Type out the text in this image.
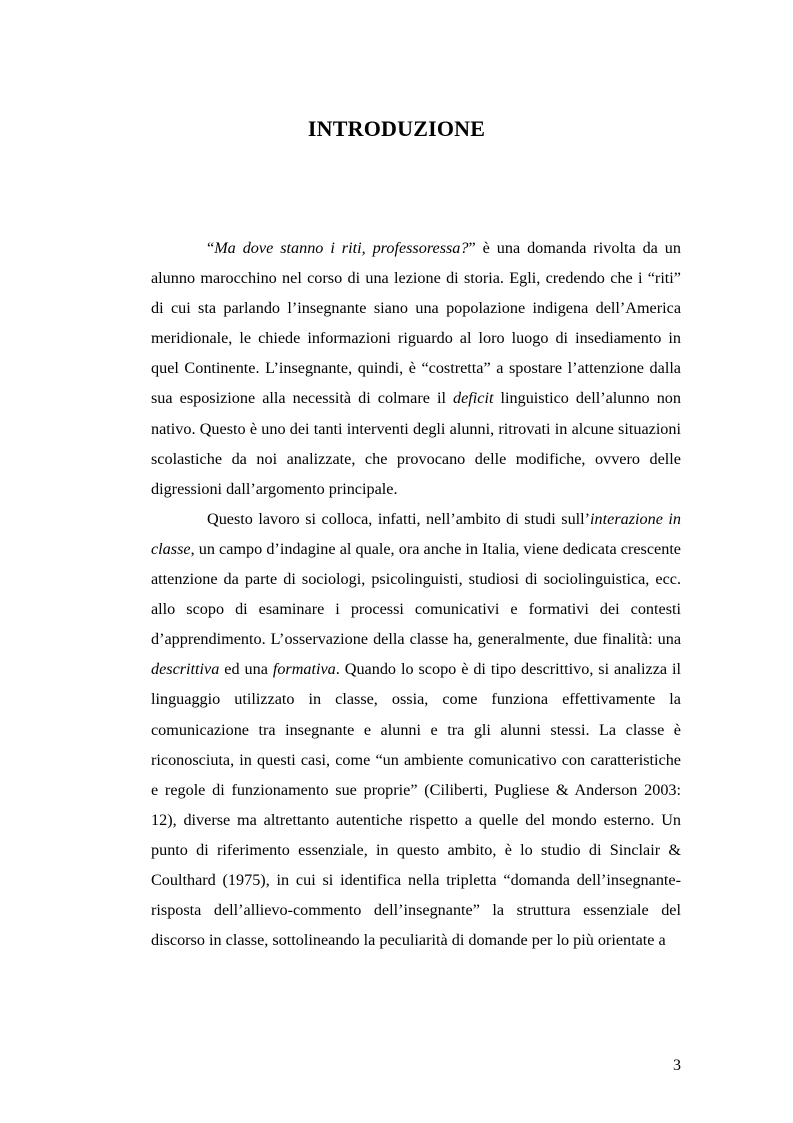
INTRODUZIONE

“Ma dove stanno i riti, professoressa?” è una domanda rivolta da un alunno marocchino nel corso di una lezione di storia. Egli, credendo che i “riti” di cui sta parlando l’insegnante siano una popolazione indigena dell’America meridionale, le chiede informazioni riguardo al loro luogo di insediamento in quel Continente. L’insegnante, quindi, è “costretta” a spostare l’attenzione dalla sua esposizione alla necessità di colmare il deficit linguistico dell’alunno non nativo. Questo è uno dei tanti interventi degli alunni, ritrovati in alcune situazioni scolastiche da noi analizzate, che provocano delle modifiche, ovvero delle digressioni dall’argomento principale.

Questo lavoro si colloca, infatti, nell’ambito di studi sull’interazione in classe, un campo d’indagine al quale, ora anche in Italia, viene dedicata crescente attenzione da parte di sociologi, psicolinguisti, studiosi di sociolinguistica, ecc. allo scopo di esaminare i processi comunicativi e formativi dei contesti d’apprendimento. L’osservazione della classe ha, generalmente, due finalità: una descrittiva ed una formativa. Quando lo scopo è di tipo descrittivo, si analizza il linguaggio utilizzato in classe, ossia, come funziona effettivamente la comunicazione tra insegnante e alunni e tra gli alunni stessi. La classe è riconosciuta, in questi casi, come “un ambiente comunicativo con caratteristiche e regole di funzionamento sue proprie” (Ciliberti, Pugliese & Anderson 2003: 12), diverse ma altrettanto autentiche rispetto a quelle del mondo esterno. Un punto di riferimento essenziale, in questo ambito, è lo studio di Sinclair & Coulthard (1975), in cui si identifica nella tripletta “domanda dell’insegnante-risposta dell’allievo-commento dell’insegnante” la struttura essenziale del discorso in classe, sottolineando la peculiarità di domande per lo più orientate a

3
